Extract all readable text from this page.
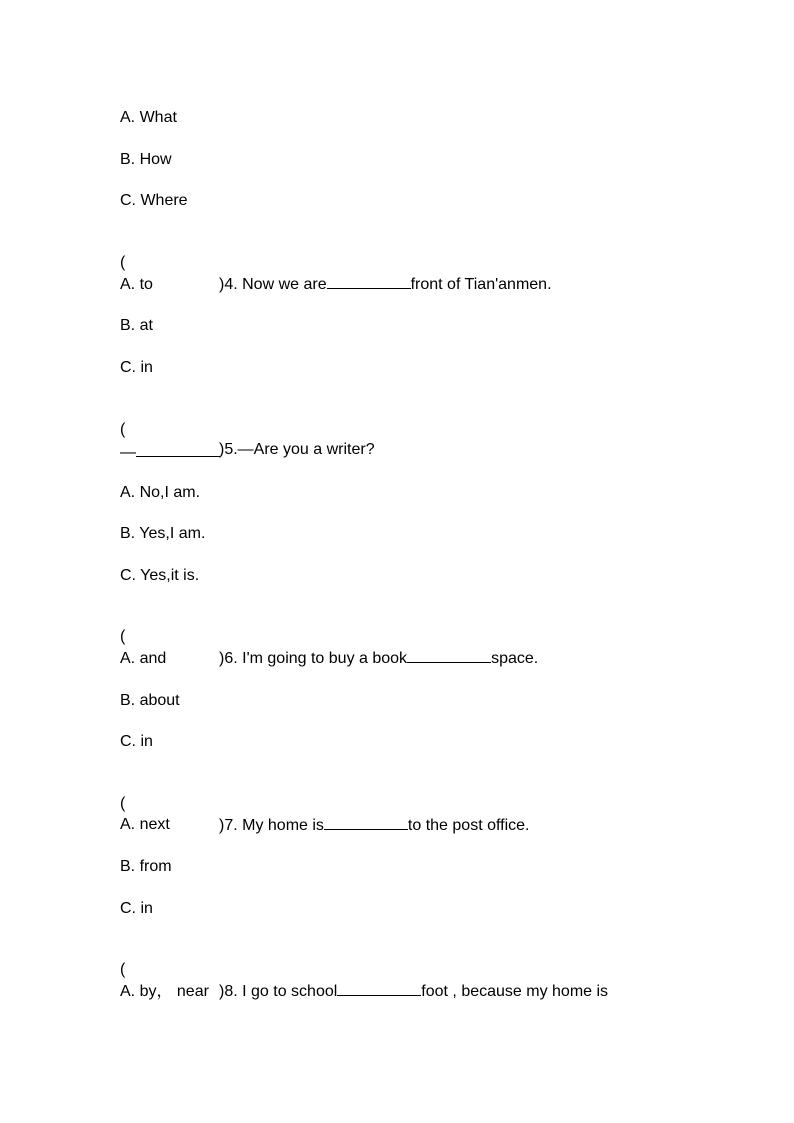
A. What
B. How
C. Where

(

)4. Now we are	front of Tian'anmen.

A. to
B. at
C. in

(

)5.—Are you a writer?

—
A. No,I am.
B. Yes,I am.
C. Yes,it is.

(

)6. I'm going to buy a book	space.

A. and
B. about
C. in

(

)7. My home is	to the post office.

A. next
B. from
C. in

(

)8. I go to school	foot , because my home is

A. by， near
